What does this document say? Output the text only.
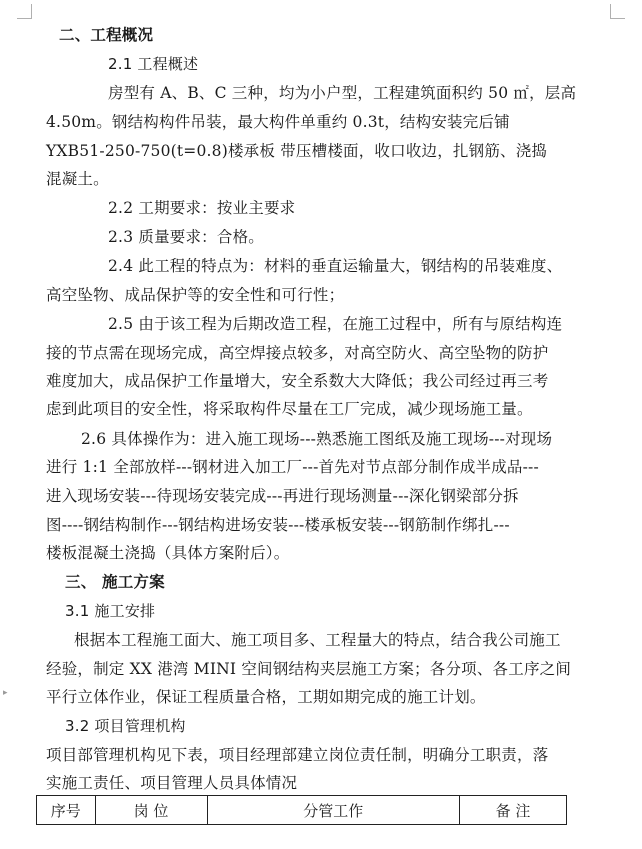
▸
二、工程概况
2.1 工程概述
房型有 A、B、C 三种，均为小户型，工程建筑面积约 50 ㎡，层高
4.50m。钢结构构件吊装，最大构件单重约 0.3t，结构安装完后铺
YXB51-250-750(t=0.8)楼承板 带压槽楼面，收口收边，扎钢筋、浇捣
混凝土。
2.2 工期要求：按业主要求
2.3 质量要求：合格。
2.4 此工程的特点为：材料的垂直运输量大，钢结构的吊装难度、
高空坠物、成品保护等的安全性和可行性；
2.5 由于该工程为后期改造工程，在施工过程中，所有与原结构连
接的节点需在现场完成，高空焊接点较多，对高空防火、高空坠物的防护
难度加大，成品保护工作量增大，安全系数大大降低；我公司经过再三考
虑到此项目的安全性，将采取构件尽量在工厂完成，减少现场施工量。
2.6 具体操作为：进入施工现场---熟悉施工图纸及施工现场---对现场
进行 1:1 全部放样---钢材进入加工厂---首先对节点部分制作成半成品---
进入现场安装---待现场安装完成---再进行现场测量---深化钢梁部分拆
图----钢结构制作---钢结构进场安装---楼承板安装---钢筋制作绑扎---
楼板混凝土浇捣（具体方案附后）。
三、 施工方案
3.1 施工安排
根据本工程施工面大、施工项目多、工程量大的特点，结合我公司施工
经验，制定 XX 港湾 MINI 空间钢结构夹层施工方案；各分项、各工序之间
平行立体作业，保证工程质量合格，工期如期完成的施工计划。
3.2 项目管理机构
项目部管理机构见下表，项目经理部建立岗位责任制，明确分工职责，落
实施工责任、项目管理人员具体情况
序号	岗 位	分管工作	备 注
